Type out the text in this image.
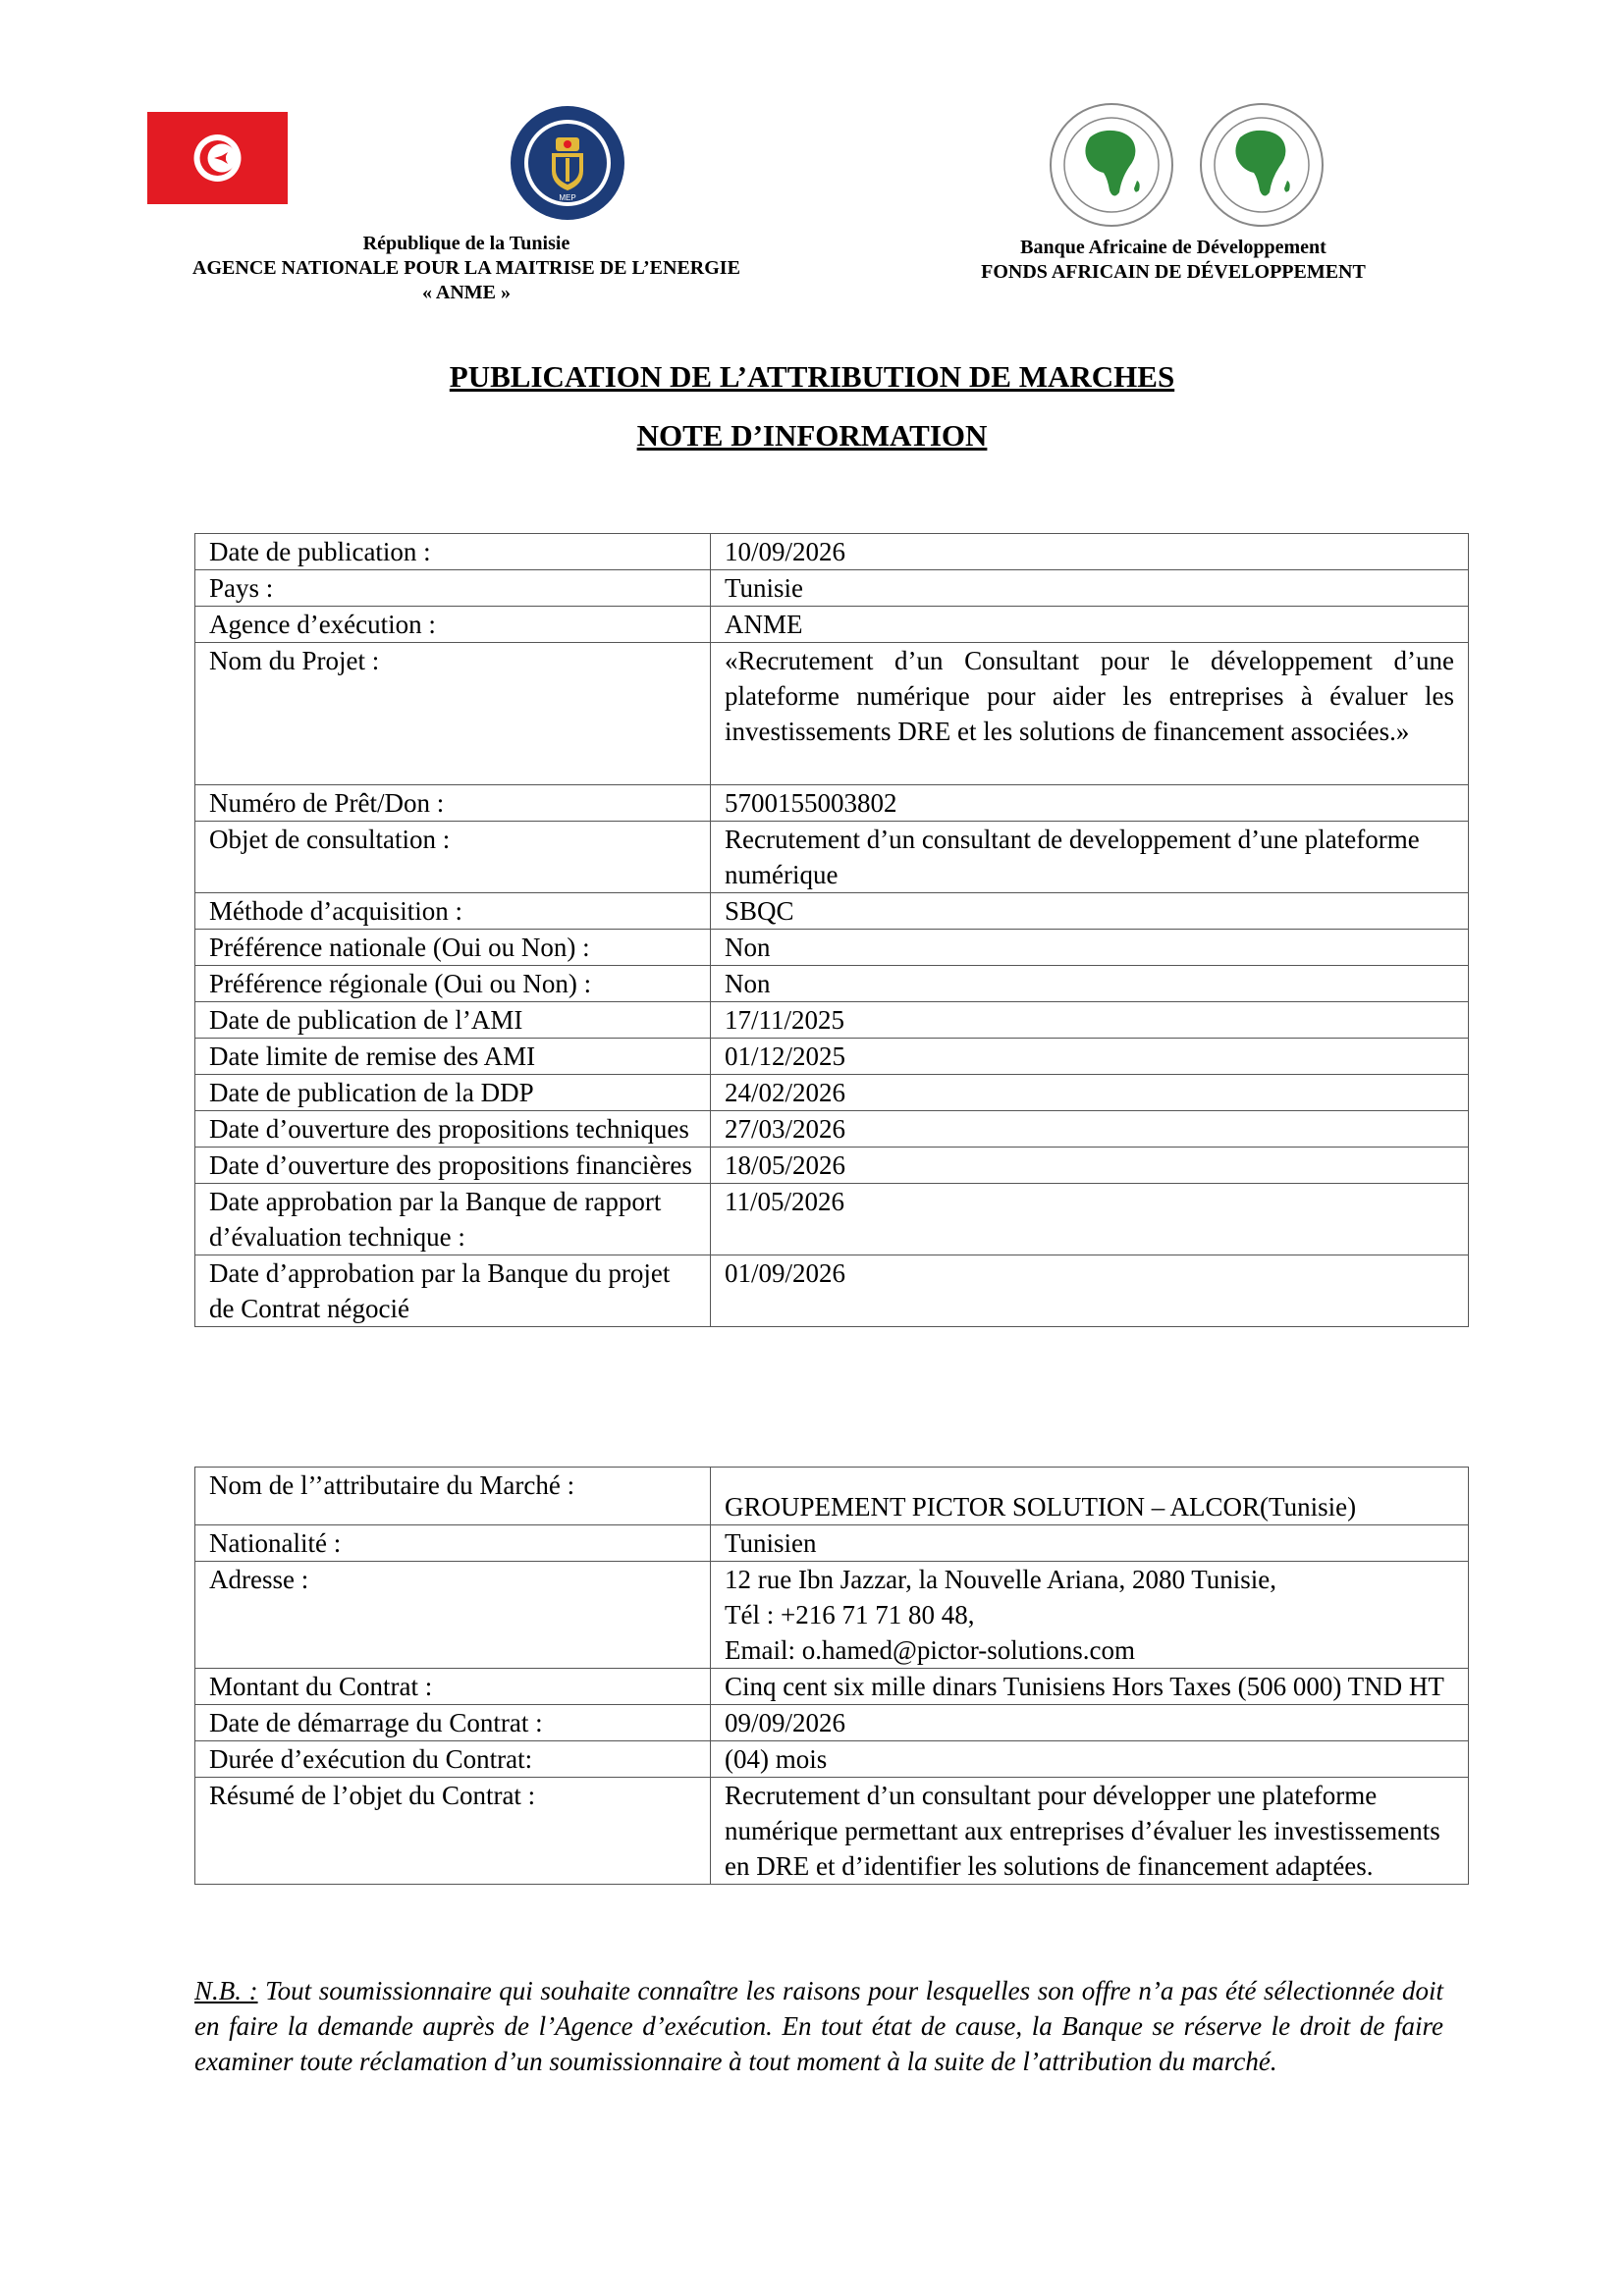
MEP
République de la Tunisie
AGENCE NATIONALE POUR LA MAITRISE DE L’ENERGIE
« ANME »
Banque Africaine de Développement
FONDS AFRICAIN DE DÉVELOPPEMENT
PUBLICATION DE L’ATTRIBUTION DE MARCHES
NOTE D’INFORMATION
Date de publication :	10/09/2026
Pays :	Tunisie
Agence d’exécution :	ANME
Nom du Projet :	«Recrutement d’un Consultant pour le développement d’une plateforme numérique pour aider les entreprises à évaluer les investissements DRE et les solutions de financement associées.»
Numéro de Prêt/Don :	5700155003802
Objet de consultation :	Recrutement d’un consultant de developpement d’une plateforme numérique
Méthode d’acquisition :	SBQC
Préférence nationale (Oui ou Non) :	Non
Préférence régionale (Oui ou Non) :	Non
Date de publication de l’AMI	17/11/2025
Date limite de remise des AMI	01/12/2025
Date de publication de la DDP	24/02/2026
Date d’ouverture des propositions techniques	27/03/2026
Date d’ouverture des propositions financières	18/05/2026
Date approbation par la Banque de rapport d’évaluation technique :	11/05/2026
Date d’approbation par la Banque du projet de Contrat négocié	01/09/2026
Nom de l’’attributaire du Marché :	GROUPEMENT PICTOR SOLUTION – ALCOR(Tunisie)
Nationalité :	Tunisien
Adresse :	12 rue Ibn Jazzar, la Nouvelle Ariana, 2080 Tunisie,
Tél : +216 71 71 80 48,
Email: o.hamed@pictor-solutions.com

Montant du Contrat :	Cinq cent six mille dinars Tunisiens Hors Taxes (506 000) TND HT
Date de démarrage du Contrat :	09/09/2026
Durée d’exécution du Contrat:	(04) mois
Résumé de l’objet du Contrat :	Recrutement d’un consultant pour développer une plateforme numérique permettant aux entreprises d’évaluer les investissements en DRE et d’identifier les solutions de financement adaptées.
N.B. : Tout soumissionnaire qui souhaite connaître les raisons pour lesquelles son offre n’a pas été sélectionnée doit en faire la demande auprès de l’Agence d’exécution. En tout état de cause, la Banque se réserve le droit de faire examiner toute réclamation d’un soumissionnaire à tout moment à la suite de l’attribution du marché.
